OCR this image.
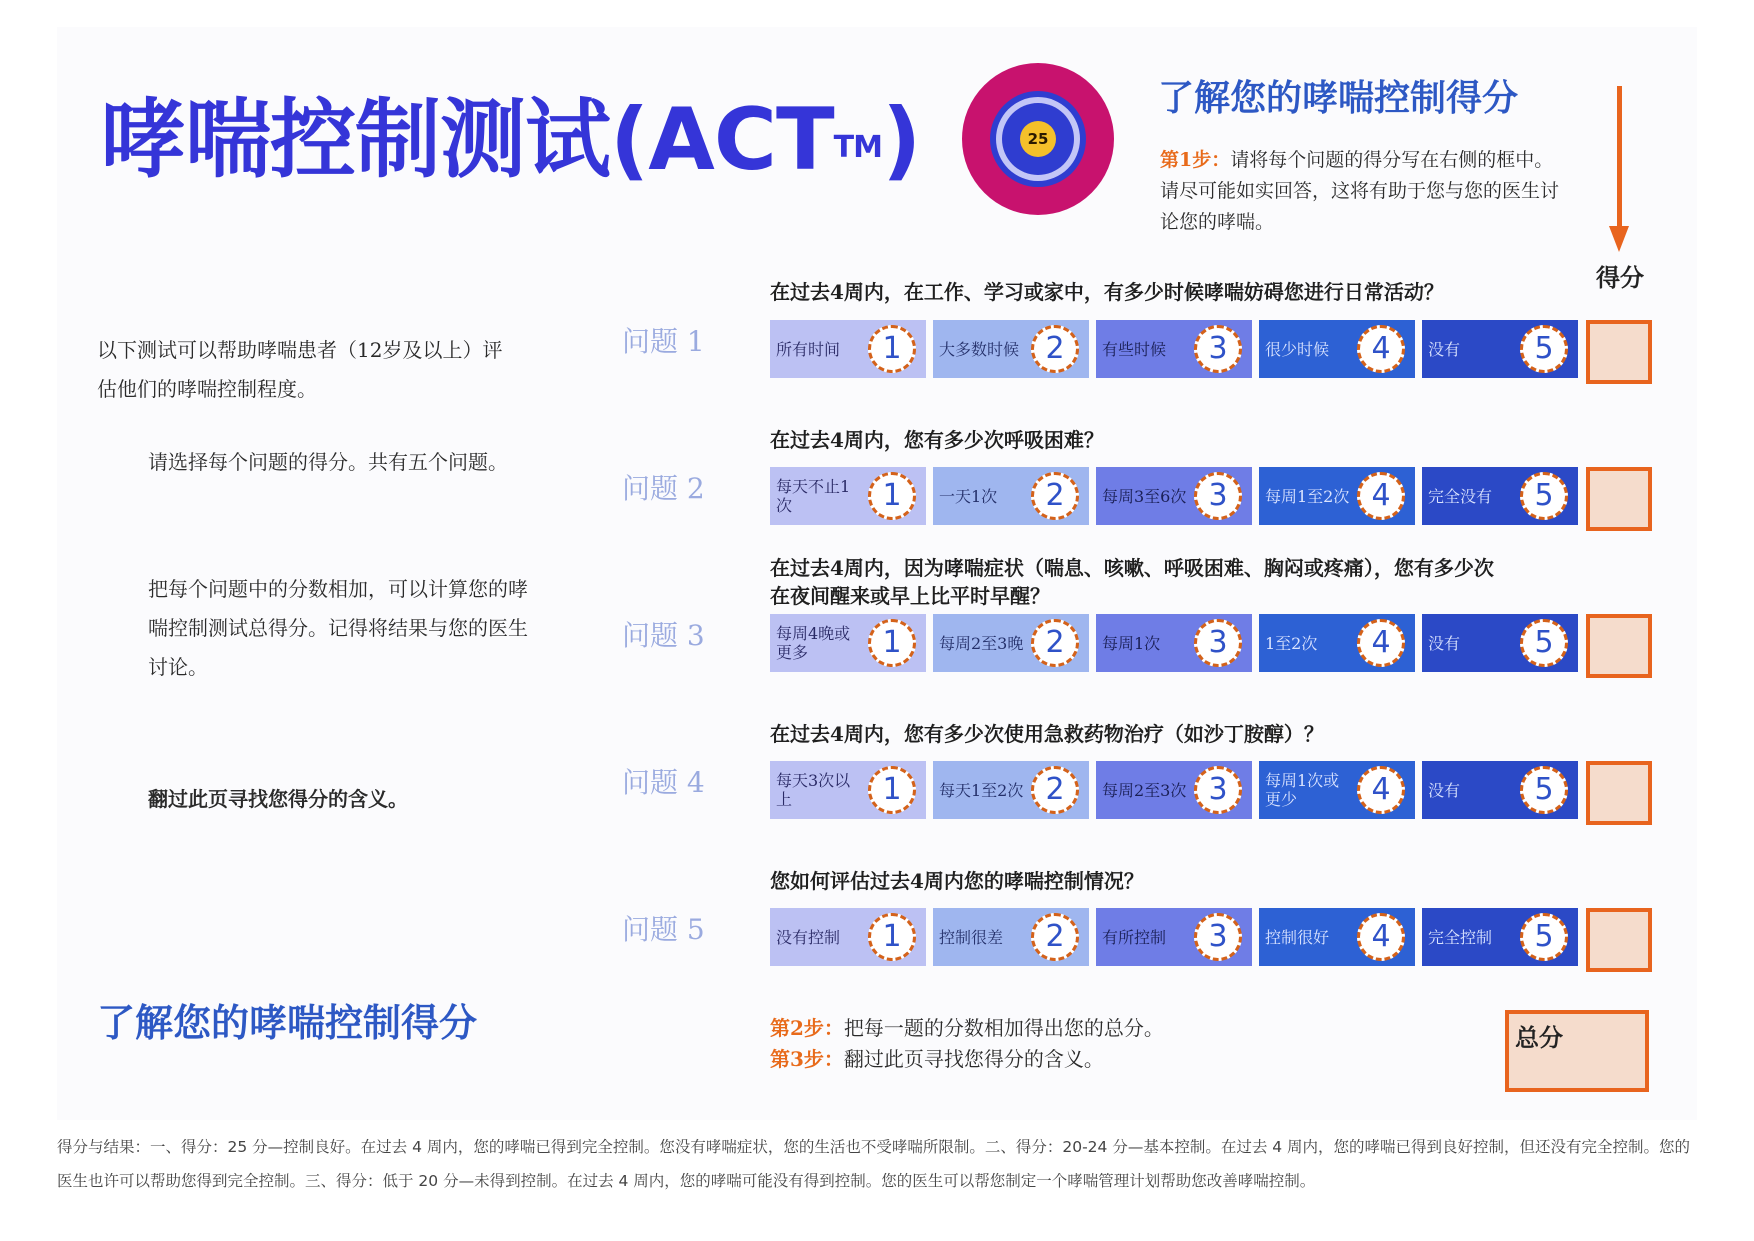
哮喘控制测试(ACT™)	25
了解您的哮喘控制得分
第1步：请将每个问题的得分写在右侧的框中。请尽可能如实回答，这将有助于您与您的医生讨论您的哮喘。
得分
以下测试可以帮助哮喘患者（12岁及以上）评估他们的哮喘控制程度。
请选择每个问题的得分。共有五个问题。
把每个问题中的分数相加，可以计算您的哮喘控制测试总得分。记得将结果与您的医生讨论。
翻过此页寻找您得分的含义。
了解您的哮喘控制得分
问题 1
在过去4周内，在工作、学习或家中，有多少时候哮喘妨碍您进行日常活动？
所有时间	1	大多数时候 2	有些时候	3	很少时候	4	没有	5
问题 2
在过去4周内，您有多少次呼吸困难？
每天不止1次	1	一天1次	2	每周3至6次 3	每周1至2次 4	完全没有	5
问题 3
在过去4周内，因为哮喘症状（喘息、咳嗽、呼吸困难、胸闷或疼痛），您有多少次在夜间醒来或早上比平时早醒？
每周4晚或更多	1	每周2至3晚 2	每周1次	3	1至2次	4	没有	5
问题 4
在过去4周内，您有多少次使用急救药物治疗（如沙丁胺醇）？
每天3次以上	1	每天1至2次 2	每周2至3次 3	每周1次或更少	4	没有	5
问题 5
您如何评估过去4周内您的哮喘控制情况？
没有控制	1	控制很差	2	有所控制	3	控制很好	4	完全控制	5
第2步：把每一题的分数相加得出您的总分。
第3步：翻过此页寻找您得分的含义。
总分
得分与结果：一、得分：25 分—控制良好。在过去 4 周内，您的哮喘已得到完全控制。您没有哮喘症状，您的生活也不受哮喘所限制。二、得分：20-24 分—基本控制。在过去 4 周内，您的哮喘已得到良好控制，但还没有完全控制。您的医生也许可以帮助您得到完全控制。三、得分：低于 20 分—未得到控制。在过去 4 周内，您的哮喘可能没有得到控制。您的医生可以帮您制定一个哮喘管理计划帮助您改善哮喘控制。
